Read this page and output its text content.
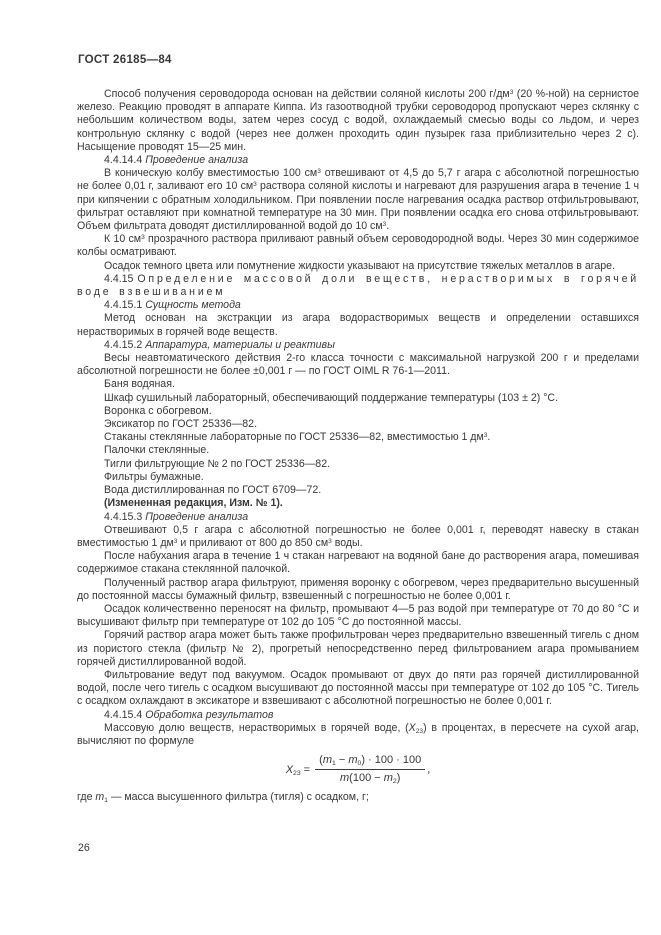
ГОСТ 26185—84

Способ получения сероводорода основан на действии соляной кислоты 200 $г/дм^3$ (20 %-ной) на сернистое железо. Реакцию проводят в аппарате Киппа. Из газоотводной трубки сероводород пропускают через склянку с небольшим количеством воды, затем через сосуд с водой, охлаждаемый смесью воды со льдом, и через контрольную склянку с водой (через нее должен проходить один пузырек газа приблизительно через 2 с). Насыщение проводят 15—25 мин.

4.4.14.4 Проведение анализа

В коническую колбу вместимостью 100 $см^3$ отвешивают от 4,5 до 5,7 г агара с абсолютной погрешностью не более 0,01 г, заливают его 10 $см^3$ раствора соляной кислоты и нагревают для разрушения агара в течение 1 ч при кипячении с обратным холодильником. При появлении после нагревания осадка раствор отфильтровывают, фильтрат оставляют при комнатной температуре на 30 мин. При появлении осадка его снова отфильтровывают. Объем фильтрата доводят дистиллированной водой до 10 $см^3$.

К 10 $см^3$ прозрачного раствора приливают равный объем сероводородной воды. Через 30 мин содержимое колбы осматривают.

Осадок темного цвета или помутнение жидкости указывают на присутствие тяжелых металлов в агаре.

4.4.15 Определение массовой доли веществ, нерастворимых в горячей воде взвешиванием

4.4.15.1 Сущность метода

Метод основан на экстракции из агара водорастворимых веществ и определении оставшихся нерастворимых в горячей воде веществ.

4.4.15.2 Аппаратура, материалы и реактивы

Весы неавтоматического действия 2-го класса точности с максимальной нагрузкой 200 г и пределами абсолютной погрешности не более ±0,001 г — по ГОСТ OIML R 76-1—2011.

Баня водяная.

Шкаф сушильный лабораторный, обеспечивающий поддержание температуры (103 ± 2) °С.

Воронка с обогревом.

Эксикатор по ГОСТ 25336—82.

Стаканы стеклянные лабораторные по ГОСТ 25336—82, вместимостью 1 $дм^3$.

Палочки стеклянные.

Тигли фильтрующие № 2 по ГОСТ 25336—82.

Фильтры бумажные.

Вода дистиллированная по ГОСТ 6709—72.

(Измененная редакция, Изм. № 1).

4.4.15.3 Проведение анализа

Отвешивают 0,5 г агара с абсолютной погрешностью не более 0,001 г, переводят навеску в стакан вместимостью 1 $дм^3$ и приливают от 800 до 850 $см^3$ воды.

После набухания агара в течение 1 ч стакан нагревают на водяной бане до растворения агара, помешивая содержимое стакана стеклянной палочкой.

Полученный раствор агара фильтруют, применяя воронку с обогревом, через предварительно высушенный до постоянной массы бумажный фильтр, взвешенный с погрешностью не более 0,001 г.

Осадок количественно переносят на фильтр, промывают 4—5 раз водой при температуре от 70 до 80 °С и высушивают фильтр при температуре от 102 до 105 °С до постоянной массы.

Горячий раствор агара может быть также профильтрован через предварительно взвешенный тигель с дном из пористого стекла (фильтр № 2), прогретый непосредственно перед фильтрованием агара промыванием горячей дистиллированной водой.

Фильтрование ведут под вакуумом. Осадок промывают от двух до пяти раз горячей дистиллированной водой, после чего тигель с осадком высушивают до постоянной массы при температуре от 102 до 105 °С. Тигель с осадком охлаждают в эксикаторе и взвешивают с абсолютной погрешностью не более 0,001 г.

4.4.15.4 Обработка результатов

Массовую долю веществ, нерастворимых в горячей воде, (X23) в процентах, в пересчете на сухой агар, вычисляют по формуле

$X23 = \frac{(m1 - m0) \cdot 100 \cdot 100}{m(100 - m2)}$ ,

где m1 — масса высушенного фильтра (тигля) с осадком, г;

26
